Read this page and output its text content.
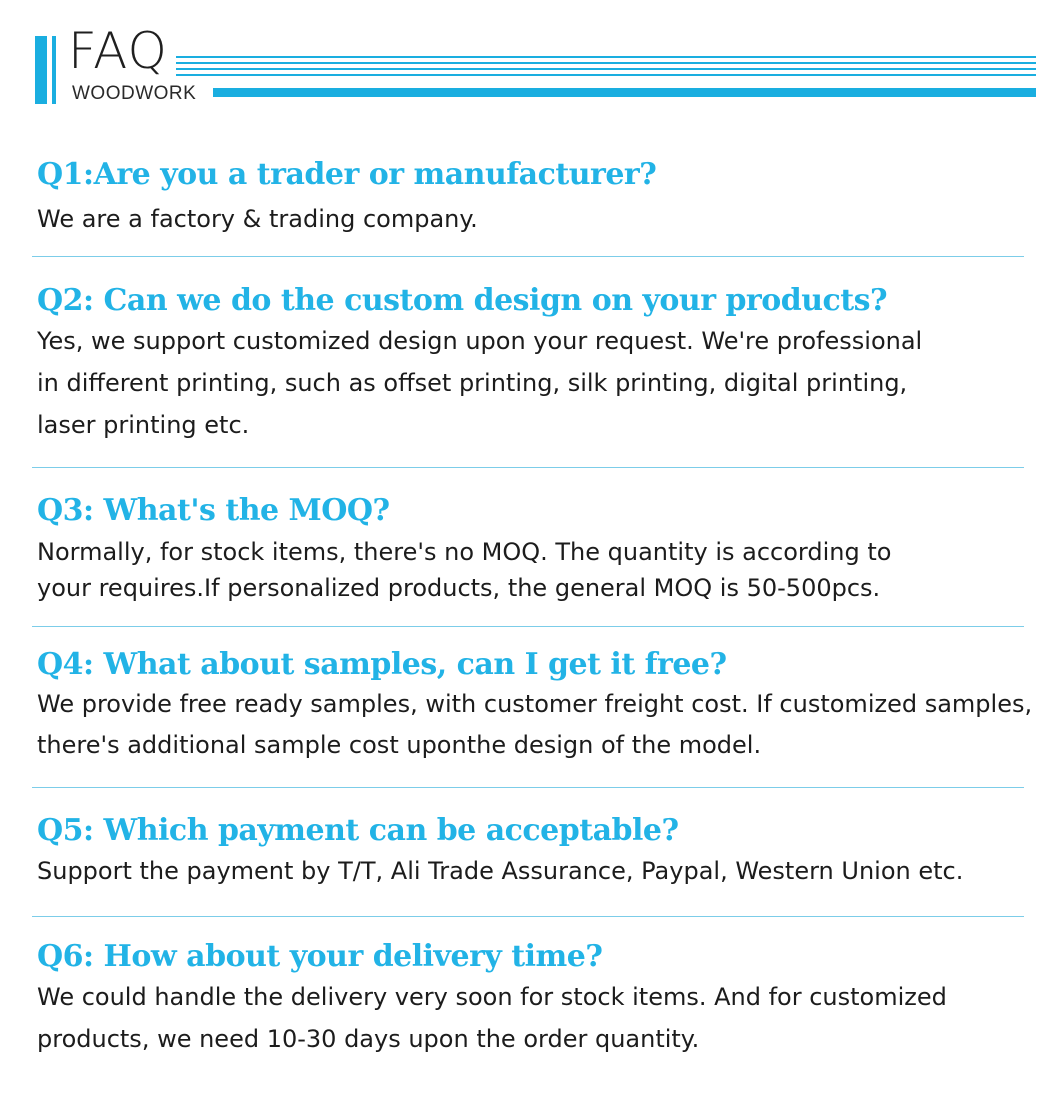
FAQ
WOODWORK
Q1:Are you a trader or manufacturer?
We are a factory & trading company.
Q2: Can we do the custom design on your products?
Yes, we support customized design upon your request. We're professional
in different printing, such as offset printing, silk printing, digital printing,
laser printing etc.
Q3: What's the MOQ?
Normally, for stock items, there's no MOQ. The quantity is according to
your requires.If personalized products, the general MOQ is 50-500pcs.
Q4: What about samples, can I get it free?
We provide free ready samples, with customer freight cost. If customized samples,
there's additional sample cost uponthe design of the model.
Q5: Which payment can be acceptable?
Support the payment by T/T, Ali Trade Assurance, Paypal, Western Union etc.
Q6: How about your delivery time?
We could handle the delivery very soon for stock items. And for customized
products, we need 10-30 days upon the order quantity.
